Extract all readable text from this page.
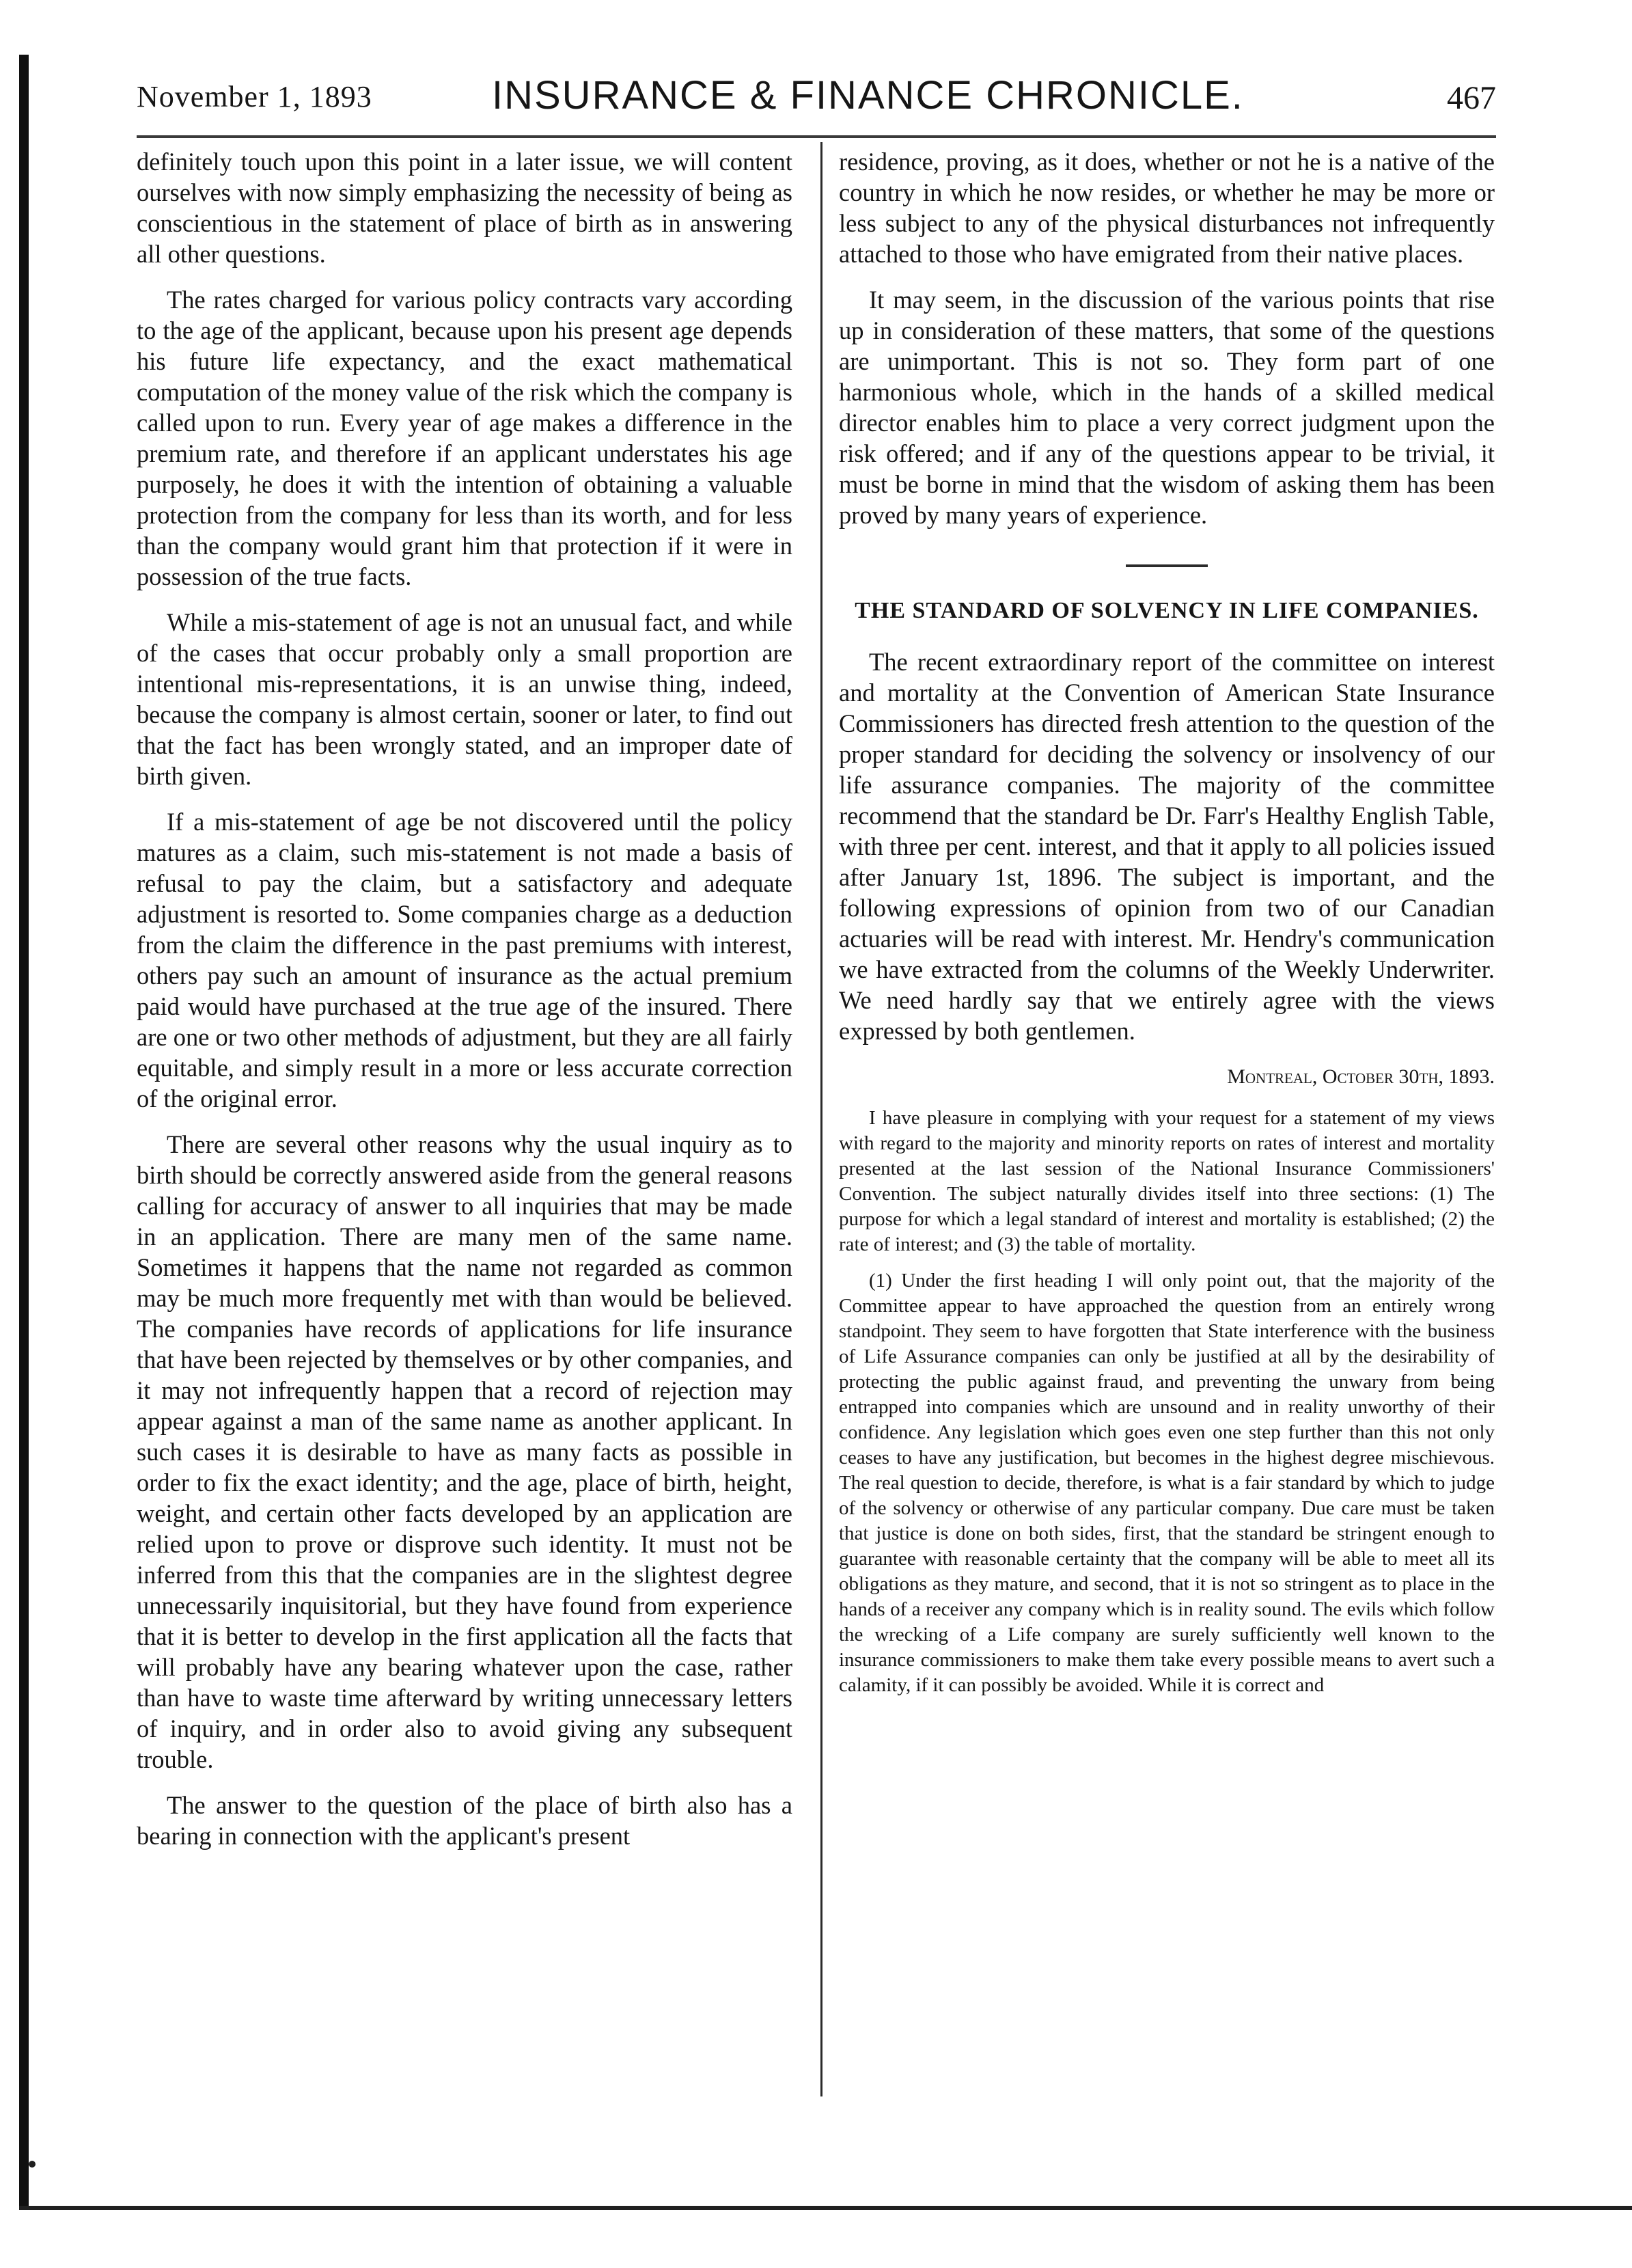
November 1, 1893	INSURANCE & FINANCE CHRONICLE.	467

definitely touch upon this point in a later issue, we will content ourselves with now simply emphasizing the necessity of being as conscientious in the statement of place of birth as in answering all other questions.

The rates charged for various policy contracts vary according to the age of the applicant, because upon his present age depends his future life expectancy, and the exact mathematical computation of the money value of the risk which the company is called upon to run. Every year of age makes a difference in the premium rate, and therefore if an applicant understates his age purposely, he does it with the intention of obtaining a valuable protection from the company for less than its worth, and for less than the company would grant him that protection if it were in possession of the true facts.

While a mis-statement of age is not an unusual fact, and while of the cases that occur probably only a small proportion are intentional mis-representations, it is an unwise thing, indeed, because the company is almost certain, sooner or later, to find out that the fact has been wrongly stated, and an improper date of birth given.

If a mis-statement of age be not discovered until the policy matures as a claim, such mis-statement is not made a basis of refusal to pay the claim, but a satisfactory and adequate adjustment is resorted to. Some companies charge as a deduction from the claim the difference in the past premiums with interest, others pay such an amount of insurance as the actual premium paid would have purchased at the true age of the insured. There are one or two other methods of adjustment, but they are all fairly equitable, and simply result in a more or less accurate correction of the original error.

There are several other reasons why the usual inquiry as to birth should be correctly answered aside from the general reasons calling for accuracy of answer to all inquiries that may be made in an application. There are many men of the same name. Sometimes it happens that the name not regarded as common may be much more frequently met with than would be believed. The companies have records of applications for life insurance that have been rejected by themselves or by other companies, and it may not infrequently happen that a record of rejection may appear against a man of the same name as another applicant. In such cases it is desirable to have as many facts as possible in order to fix the exact identity; and the age, place of birth, height, weight, and certain other facts developed by an application are relied upon to prove or disprove such identity. It must not be inferred from this that the companies are in the slightest degree unnecessarily inquisitorial, but they have found from experience that it is better to develop in the first application all the facts that will probably have any bearing whatever upon the case, rather than have to waste time afterward by writing unnecessary letters of inquiry, and in order also to avoid giving any subsequent trouble.

The answer to the question of the place of birth also has a bearing in connection with the applicant's present

residence, proving, as it does, whether or not he is a native of the country in which he now resides, or whether he may be more or less subject to any of the physical disturbances not infrequently attached to those who have emigrated from their native places.

It may seem, in the discussion of the various points that rise up in consideration of these matters, that some of the questions are unimportant. This is not so. They form part of one harmonious whole, which in the hands of a skilled medical director enables him to place a very correct judgment upon the risk offered; and if any of the questions appear to be trivial, it must be borne in mind that the wisdom of asking them has been proved by many years of experience.

THE STANDARD OF SOLVENCY IN LIFE COMPANIES.

The recent extraordinary report of the committee on interest and mortality at the Convention of American State Insurance Commissioners has directed fresh attention to the question of the proper standard for deciding the solvency or insolvency of our life assurance companies. The majority of the committee recommend that the standard be Dr. Farr's Healthy English Table, with three per cent. interest, and that it apply to all policies issued after January 1st, 1896. The subject is important, and the following expressions of opinion from two of our Canadian actuaries will be read with interest. Mr. Hendry's communication we have extracted from the columns of the Weekly Underwriter. We need hardly say that we entirely agree with the views expressed by both gentlemen.

Montreal, October 30th, 1893.

I have pleasure in complying with your request for a statement of my views with regard to the majority and minority reports on rates of interest and mortality presented at the last session of the National Insurance Commissioners' Convention. The subject naturally divides itself into three sections: (1) The purpose for which a legal standard of interest and mortality is established; (2) the rate of interest; and (3) the table of mortality.

(1) Under the first heading I will only point out, that the majority of the Committee appear to have approached the question from an entirely wrong standpoint. They seem to have forgotten that State interference with the business of Life Assurance companies can only be justified at all by the desirability of protecting the public against fraud, and preventing the unwary from being entrapped into companies which are unsound and in reality unworthy of their confidence. Any legislation which goes even one step further than this not only ceases to have any justification, but becomes in the highest degree mischievous. The real question to decide, therefore, is what is a fair standard by which to judge of the solvency or otherwise of any particular company. Due care must be taken that justice is done on both sides, first, that the standard be stringent enough to guarantee with reasonable certainty that the company will be able to meet all its obligations as they mature, and second, that it is not so stringent as to place in the hands of a receiver any company which is in reality sound. The evils which follow the wrecking of a Life company are surely sufficiently well known to the insurance commissioners to make them take every possible means to avert such a calamity, if it can possibly be avoided. While it is correct and
